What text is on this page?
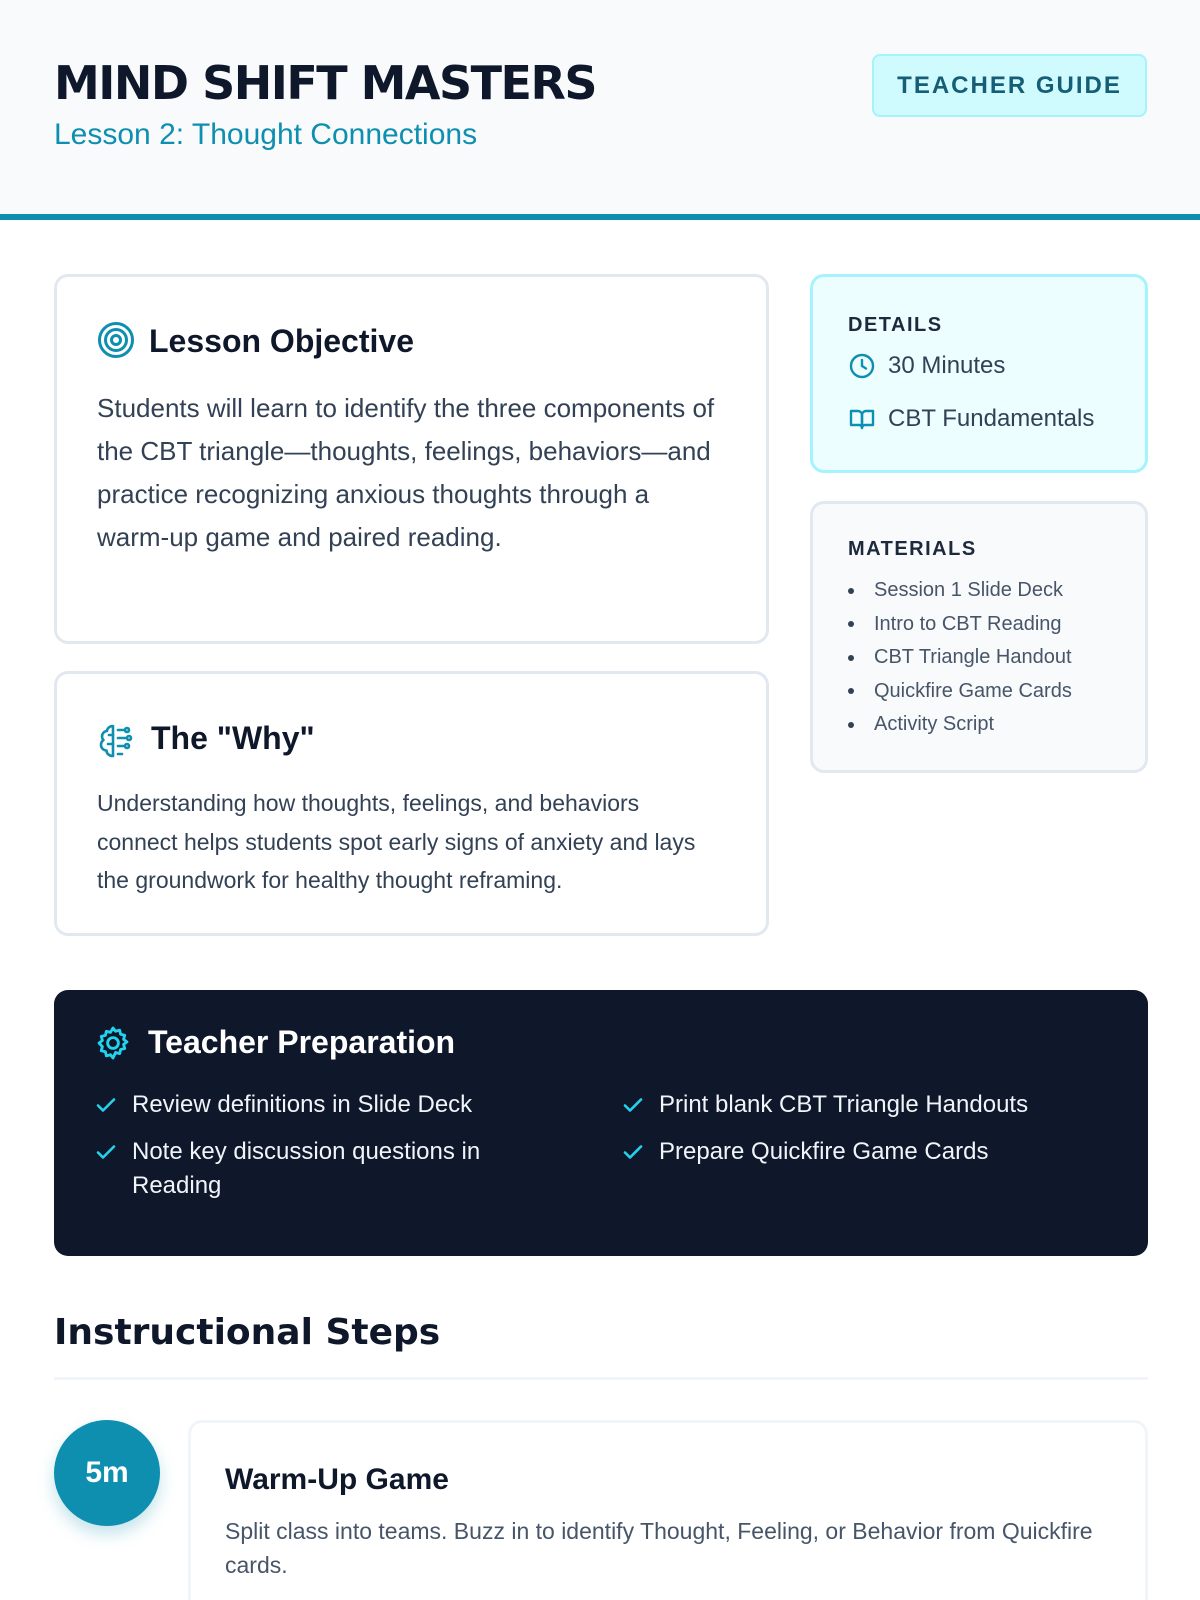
MIND SHIFT MASTERS
Lesson 2: Thought Connections
TEACHER GUIDE
Lesson Objective
Students will learn to identify the three components of the CBT triangle—thoughts, feelings, behaviors—and practice recognizing anxious thoughts through a warm-up game and paired reading.
The "Why"
Understanding how thoughts, feelings, and behaviors connect helps students spot early signs of anxiety and lays the groundwork for healthy thought reframing.
DETAILS
30 Minutes
CBT Fundamentals
MATERIALS
Session 1 Slide Deck
Intro to CBT Reading
CBT Triangle Handout
Quickfire Game Cards
Activity Script
Teacher Preparation
Review definitions in Slide Deck	Print blank CBT Triangle Handouts
Note key discussion questions in Reading
Prepare Quickfire Game Cards
Instructional Steps
5m	Warm-Up Game
Split class into teams. Buzz in to identify Thought, Feeling, or Behavior from Quickfire cards.
